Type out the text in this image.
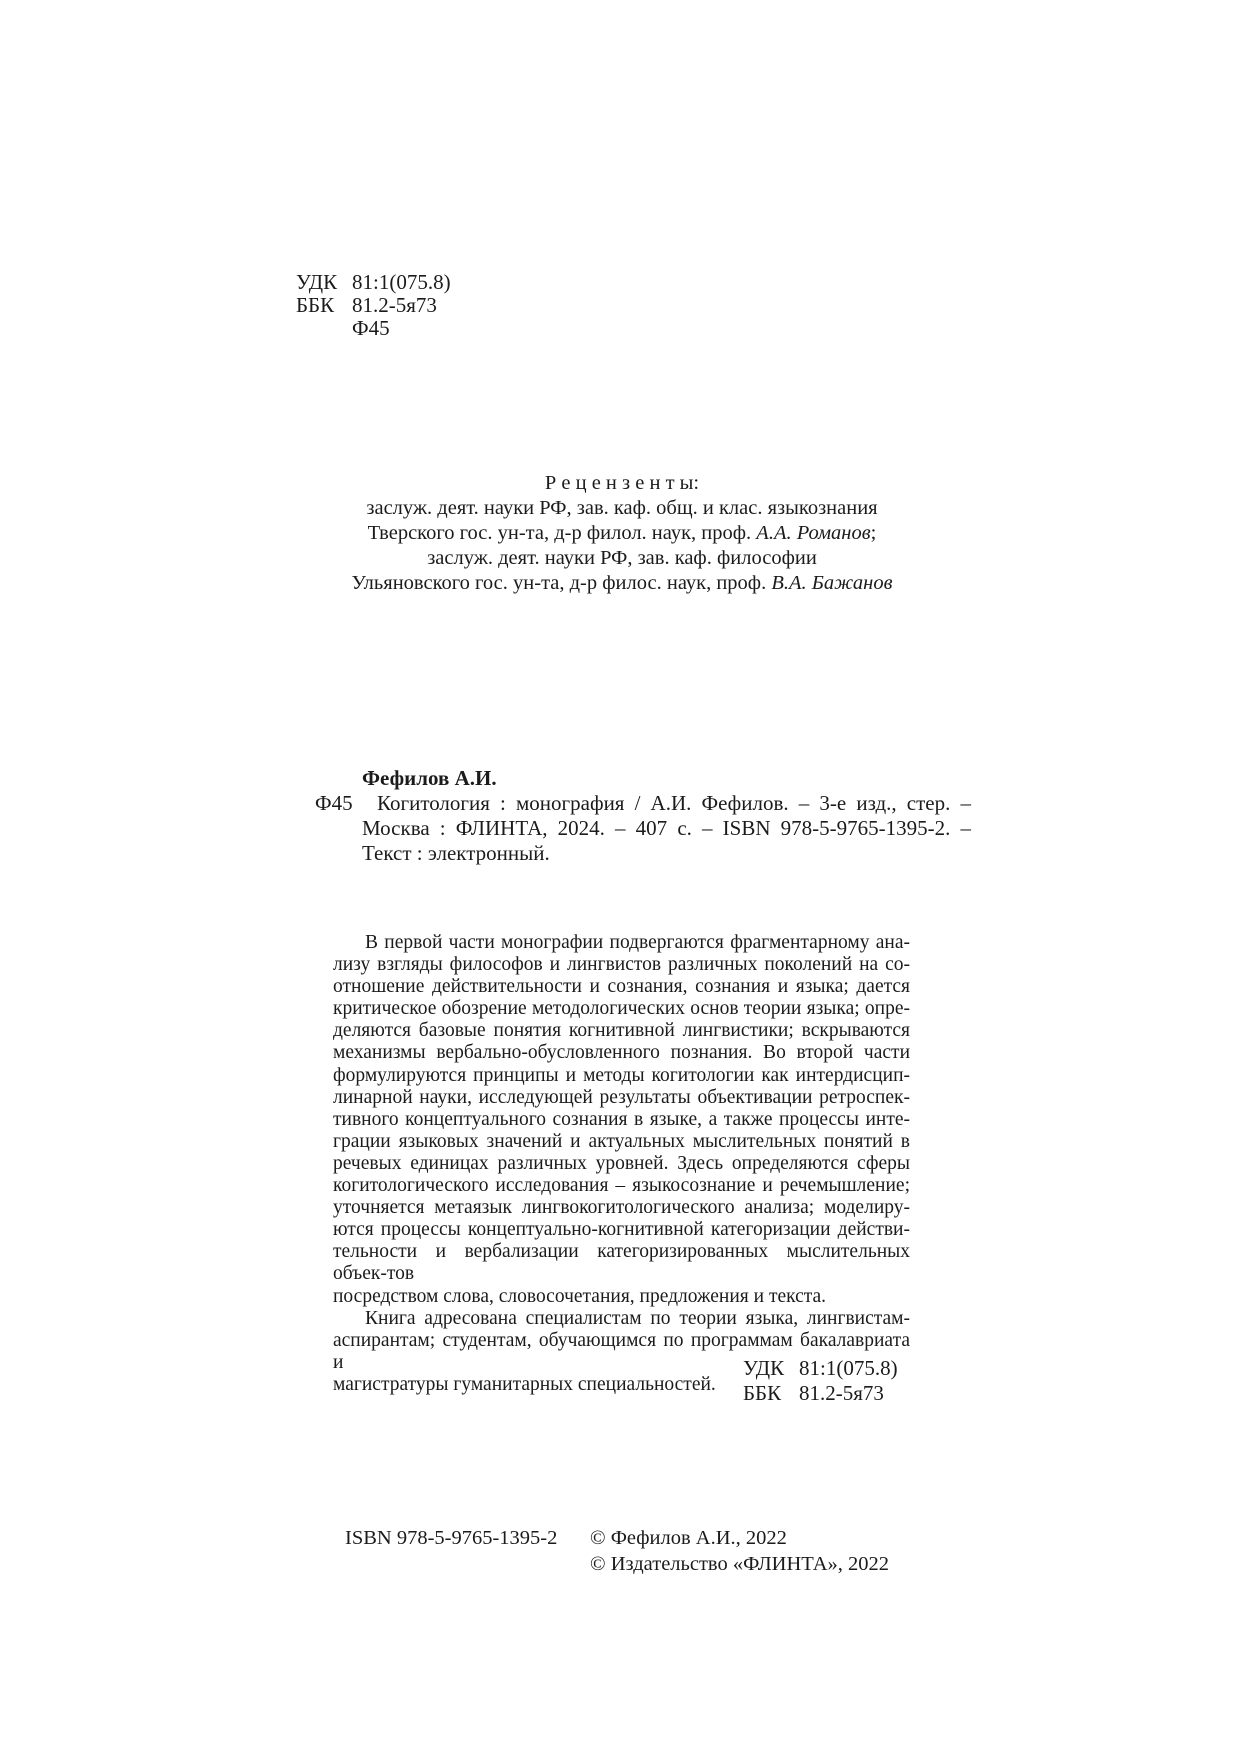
УДК 81:1(075.8)
ББК 81.2-5я73
Ф45
Р е ц е н з е н т ы:
заслуж. деят. науки РФ, зав. каф. общ. и клас. языкознания
Тверского гос. ун-та, д-р филол. наук, проф. А.А. Романов;
заслуж. деят. науки РФ, зав. каф. философии
Ульяновского гос. ун-та, д-р филос. наук, проф. В.А. Бажанов
Фефилов А.И.
Ф45	Когитология : монография / А.И. Фефилов. – 3-е изд., стер. –
Москва : ФЛИНТА, 2024. – 407 с. – ISBN 978-5-9765-1395-2. –
Текст : электронный.
В первой части монографии подвергаются фрагментарному ана-
лизу взгляды философов и лингвистов различных поколений на со-
отношение действительности и сознания, сознания и языка; дается
критическое обозрение методологических основ теории языка; опре-
деляются базовые понятия когнитивной лингвистики; вскрываются
механизмы вербально-обусловленного познания. Во второй части
формулируются принципы и методы когитологии как интердисцип-
линарной науки, исследующей результаты объективации ретроспек-
тивного концептуального сознания в языке, а также процессы инте-
грации языковых значений и актуальных мыслительных понятий в
речевых единицах различных уровней. Здесь определяются сферы
когитологического исследования – языкосознание и речемышление;
уточняется метаязык лингвокогитологического анализа; моделиру-
ются процессы концептуально-когнитивной категоризации действи-
тельности и вербализации категоризированных мыслительных объек-тов
посредством слова, словосочетания, предложения и текста.
Книга адресована специалистам по теории языка, лингвистам-
аспирантам; студентам, обучающимся по программам бакалавриата и
магистратуры гуманитарных специальностей.
УДК 81:1(075.8)
ББК 81.2-5я73
ISBN 978-5-9765-1395-2 © Фефилов А.И., 2022
© Издательство «ФЛИНТА», 2022
